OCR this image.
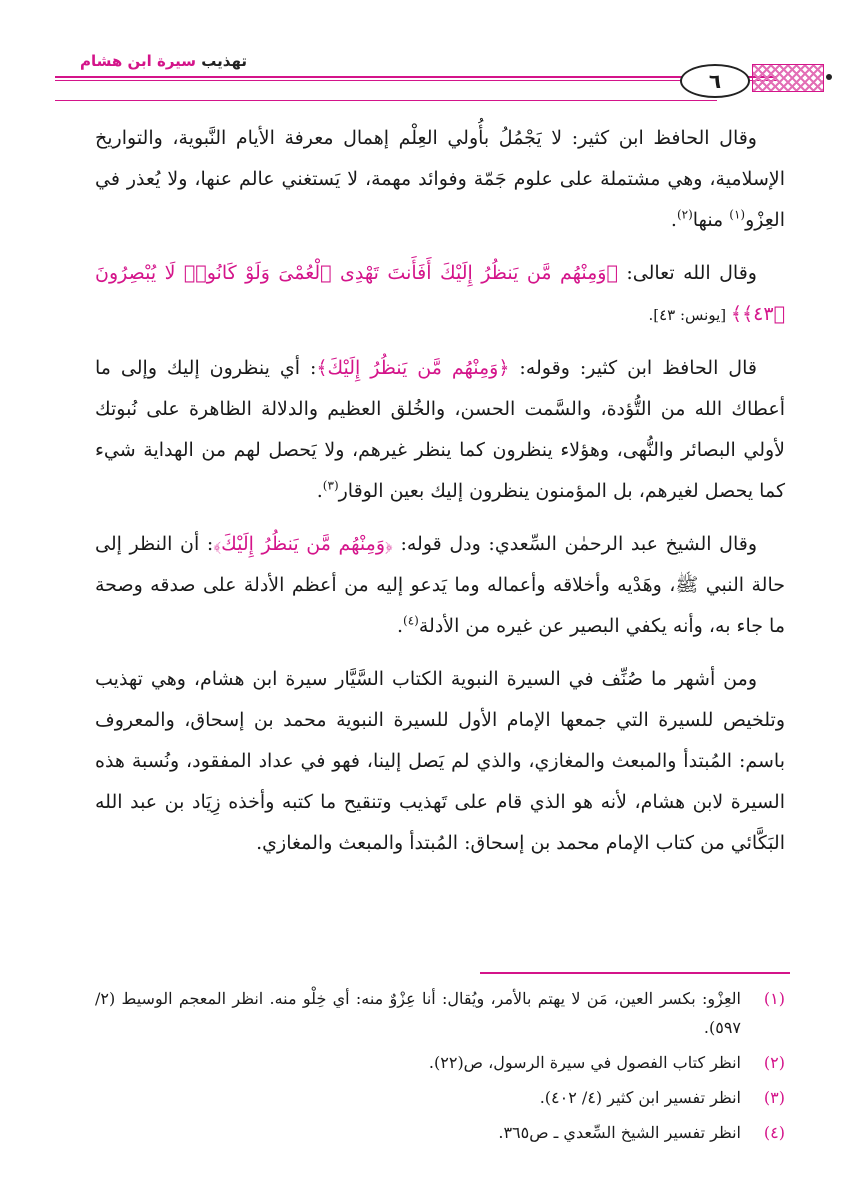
تهذيب سيرة ابن هشام
٦

وقال الحافظ ابن كثير: لا يَجْمُلُ بأُولي العِلْم إهمال معرفة الأيام النَّبوية، والتواريخ الإسلامية، وهي مشتملة على علوم جَمّة وفوائد مهمة، لا يَستغني عالم عنها، ولا يُعذر في العِزْو$^{(١)}$ منها$^{(٢)}$.

وقال الله تعالى: ﴿وَمِنْهُم مَّن يَنظُرُ إِلَيْكَ أَفَأَنتَ تَهْدِى ٱلْعُمْىَ وَلَوْ كَانُوا۟ لَا يُبْصِرُونَ ﴿٤٣﴾﴾ [يونس: ٤٣].

قال الحافظ ابن كثير: وقوله: ﴿وَمِنْهُم مَّن يَنظُرُ إِلَيْكَ﴾: أي ينظرون إليك وإلى ما أعطاك الله من التُّؤدة، والسَّمت الحسن، والخُلق العظيم والدلالة الظاهرة على نُبوتك لأولي البصائر والنُّهى، وهؤلاء ينظرون كما ينظر غيرهم، ولا يَحصل لهم من الهداية شيء كما يحصل لغيرهم، بل المؤمنون ينظرون إليك بعين الوقار$^{(٣)}$.

وقال الشيخ عبد الرحمٰن السِّعدي: ودل قوله: ﴿وَمِنْهُم مَّن يَنظُرُ إِلَيْكَ﴾: أن النظر إلى حالة النبي ﷺ، وهَدْيه وأخلاقه وأعماله وما يَدعو إليه من أعظم الأدلة على صدقه وصحة ما جاء به، وأنه يكفي البصير عن غيره من الأدلة$^{(٤)}$.

ومن أشهر ما صُنِّف في السيرة النبوية الكتاب السَّيَّار سيرة ابن هشام، وهي تهذيب وتلخيص للسيرة التي جمعها الإمام الأول للسيرة النبوية محمد بن إسحاق، والمعروف باسم: المُبتدأ والمبعث والمغازي، والذي لم يَصل إلينا، فهو في عداد المفقود، ونُسبة هذه السيرة لابن هشام، لأنه هو الذي قام على تَهذيب وتنقيح ما كتبه وأخذه زِيَاد بن عبد الله البَكَّائي من كتاب الإمام محمد بن إسحاق: المُبتدأ والمبعث والمغازي.

(١)
العِزْو: بكسر العين، مَن لا يهتم بالأمر، ويُقال: أنا عِزْوٌ منه: أي خِلْو منه. انظر المعجم الوسيط (٢/ ٥٩٧).
(٢)
انظر كتاب الفصول في سيرة الرسول، ص(٢٢).
(٣)
انظر تفسير ابن كثير (٤/ ٤٠٢).
(٤)
انظر تفسير الشيخ السِّعدي ـ ص٣٦٥.
